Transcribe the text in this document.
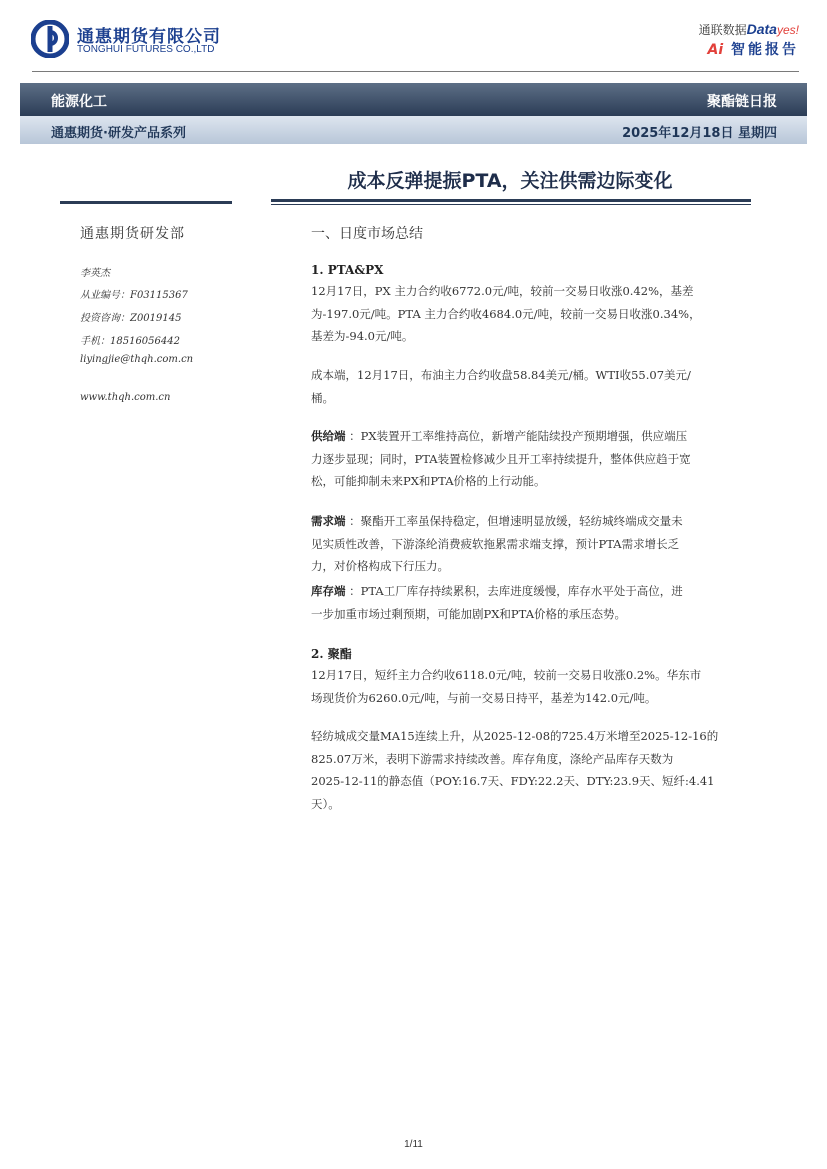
通惠期货有限公司
TONGHUI FUTURES CO.,LTD
通联数据Datayes!
Ai 智能报告
能源化工	聚酯链日报
通惠期货·研发产品系列	2025年12月18日 星期四
成本反弹提振PTA，关注供需边际变化
通惠期货研发部
李英杰
从业编号：F03115367
投资咨询：Z0019145
手机：18516056442
liyingjie@thqh.com.cn
www.thqh.com.cn
一、日度市场总结
1. PTA&PX
12月17日，PX 主力合约收6772.0元/吨，较前一交易日收涨0.42%，基差
为-197.0元/吨。PTA 主力合约收4684.0元/吨，较前一交易日收涨0.34%，
基差为-94.0元/吨。
成本端，12月17日，布油主力合约收盘58.84美元/桶。WTI收55.07美元/
桶。
供给端 ：PX装置开工率维持高位，新增产能陆续投产预期增强，供应端压
力逐步显现；同时，PTA装置检修减少且开工率持续提升，整体供应趋于宽
松，可能抑制未来PX和PTA价格的上行动能。
需求端 ：聚酯开工率虽保持稳定，但增速明显放缓，轻纺城终端成交量未
见实质性改善，下游涤纶消费疲软拖累需求端支撑，预计PTA需求增长乏
力，对价格构成下行压力。
库存端 ：PTA工厂库存持续累积，去库进度缓慢，库存水平处于高位，进
一步加重市场过剩预期，可能加剧PX和PTA价格的承压态势。
2. 聚酯
12月17日，短纤主力合约收6118.0元/吨，较前一交易日收涨0.2%。华东市
场现货价为6260.0元/吨，与前一交易日持平，基差为142.0元/吨。
轻纺城成交量MA15连续上升，从2025-12-08的725.4万米增至2025-12-16的
825.07万米，表明下游需求持续改善。库存角度，涤纶产品库存天数为
2025-12-11的静态值（POY:16.7天、FDY:22.2天、DTY:23.9天、短纤:4.41
天）。
1/11
